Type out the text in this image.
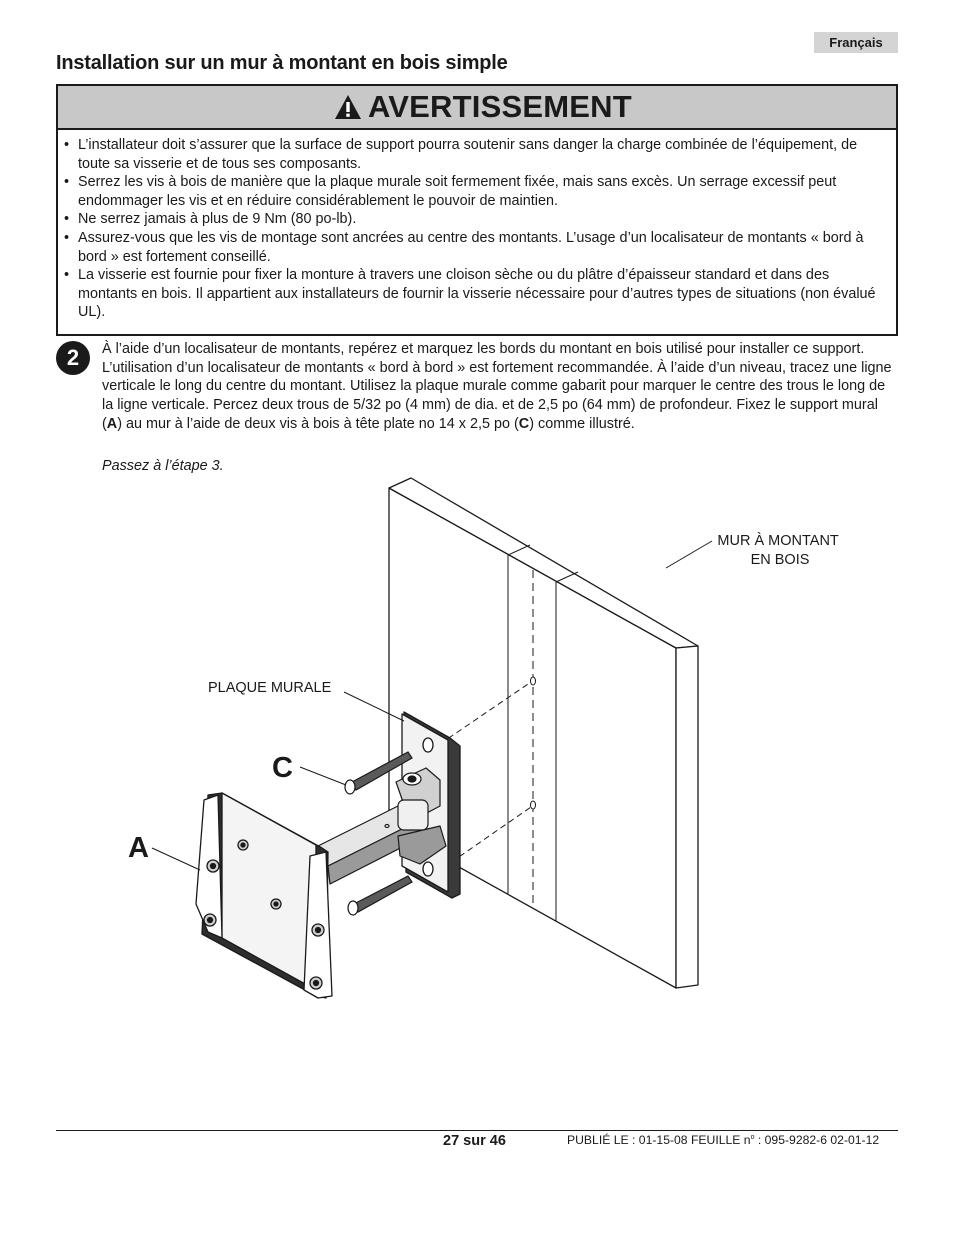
Français
Installation sur un mur à montant en bois simple
AVERTISSEMENT
• L’installateur doit s’assurer que la surface de support pourra soutenir sans danger la charge combinée de l’équipement, de toute sa visserie et de tous ses composants.
• Serrez les vis à bois de manière que la plaque murale soit fermement fixée, mais sans excès. Un serrage excessif peut endommager les vis et en réduire considérablement le pouvoir de maintien.
• Ne serrez jamais à plus de 9 Nm (80 po-lb).
• Assurez-vous que les vis de montage sont ancrées au centre des montants. L’usage d’un localisateur de montants « bord à bord » est fortement conseillé.
• La visserie est fournie pour fixer la monture à travers une cloison sèche ou du plâtre d’épaisseur standard et dans des montants en bois. Il appartient aux installateurs de fournir la visserie nécessaire pour d’autres types de situations (non évalué UL).
2	À l’aide d’un localisateur de montants, repérez et marquez les bords du montant en bois utilisé pour installer ce support. L’utilisation d’un localisateur de montants « bord à bord » est fortement recommandée. À l’aide d’un niveau, tracez une ligne verticale le long du centre du montant. Utilisez la plaque murale comme gabarit pour marquer le centre des trous le long de la ligne verticale. Percez deux trous de 5/32 po (4 mm) de dia. et de 2,5 po (64 mm) de profondeur. Fixez le support mural (A) au mur à l’aide de deux vis à bois à tête plate no 14 x 2,5 po (C) comme illustré.

Passez à l’étape 3.

MUR À MONTANT EN BOIS
PLAQUE MURALE
C
A
27 sur 46	PUBLIÉ LE : 01-15-08 FEUILLE $n^o$ : 095-9282-6 02-01-12
